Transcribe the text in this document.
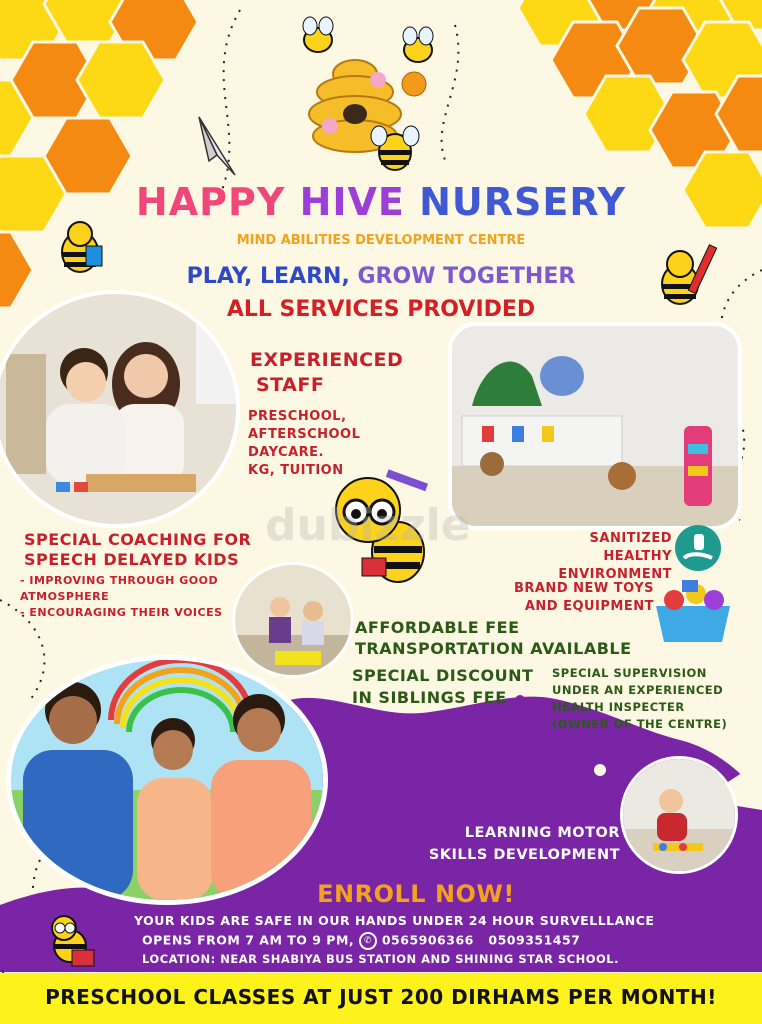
HAPPY HIVE NURSERY
MIND ABILITIES DEVELOPMENT CENTRE
PLAY, LEARN, GROW TOGETHER
ALL SERVICES PROVIDED
EXPERIENCED
STAFF
PRESCHOOL,
AFTERSCHOOL
DAYCARE.
KG, TUITION
dubizzle
SPECIAL COACHING FOR
SPEECH DELAYED KIDS
- IMPROVING THROUGH GOOD
ATMOSPHERE
- ENCOURAGING THEIR VOICES
SANITIZED
HEALTHY ENVIRONMENT
BRAND NEW TOYS
AND EQUIPMENT
AFFORDABLE FEE
TRANSPORTATION AVAILABLE
SPECIAL DISCOUNT
IN SIBLINGS FEE
SPECIAL SUPERVISION
UNDER AN EXPERIENCED
HEALTH INSPECTER
(OWNER OF THE CENTRE)
LEARNING MOTOR
SKILLS DEVELOPMENT
ENROLL NOW!
YOUR KIDS ARE SAFE IN OUR HANDS UNDER 24 HOUR SURVELLLANCE
OPENS FROM 7 AM TO 9 PM, ✆ 0565906366 0509351457
LOCATION: NEAR SHABIYA BUS STATION AND SHINING STAR SCHOOL.
PRESCHOOL CLASSES AT JUST 200 DIRHAMS PER MONTH!
